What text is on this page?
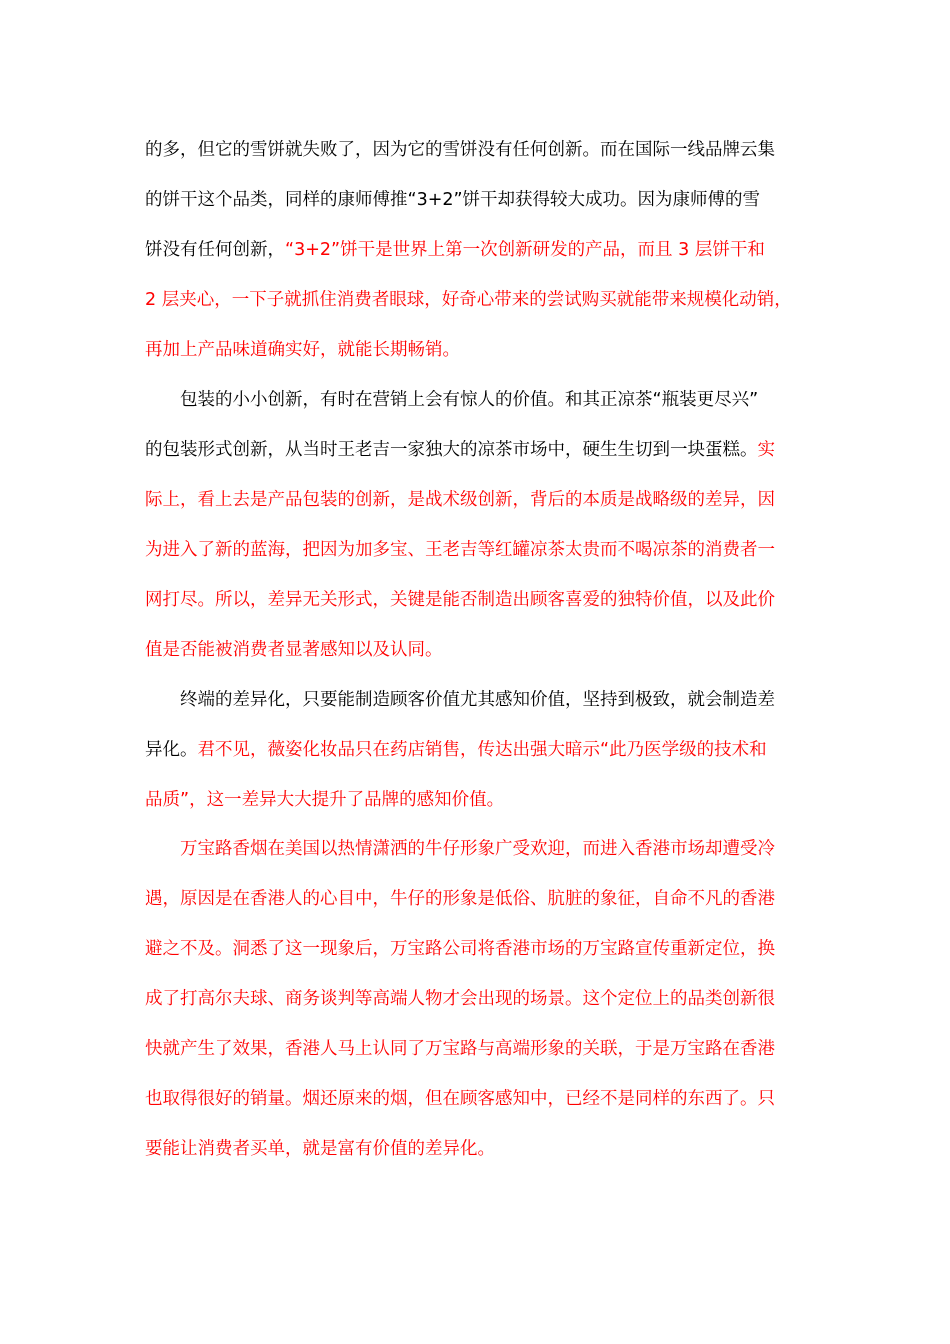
的多，但它的雪饼就失败了，因为它的雪饼没有任何创新。而在国际一线品牌云集
的饼干这个品类，同样的康师傅推“3+2”饼干却获得较大成功。因为康师傅的雪
饼没有任何创新，“3+2”饼干是世界上第一次创新研发的产品，而且 3 层饼干和
2 层夹心，一下子就抓住消费者眼球，好奇心带来的尝试购买就能带来规模化动销，
再加上产品味道确实好，就能长期畅销。
　　包装的小小创新，有时在营销上会有惊人的价值。和其正凉茶“瓶装更尽兴”
的包装形式创新，从当时王老吉一家独大的凉茶市场中，硬生生切到一块蛋糕。实
际上，看上去是产品包装的创新，是战术级创新，背后的本质是战略级的差异，因
为进入了新的蓝海，把因为加多宝、王老吉等红罐凉茶太贵而不喝凉茶的消费者一
网打尽。所以，差异无关形式，关键是能否制造出顾客喜爱的独特价值，以及此价
值是否能被消费者显著感知以及认同。
　　终端的差异化，只要能制造顾客价值尤其感知价值，坚持到极致，就会制造差
异化。君不见，薇姿化妆品只在药店销售，传达出强大暗示“此乃医学级的技术和
品质”，这一差异大大提升了品牌的感知价值。
　　万宝路香烟在美国以热情潇洒的牛仔形象广受欢迎，而进入香港市场却遭受冷
遇，原因是在香港人的心目中，牛仔的形象是低俗、肮脏的象征，自命不凡的香港
避之不及。洞悉了这一现象后，万宝路公司将香港市场的万宝路宣传重新定位，换
成了打高尔夫球、商务谈判等高端人物才会出现的场景。这个定位上的品类创新很
快就产生了效果，香港人马上认同了万宝路与高端形象的关联，于是万宝路在香港
也取得很好的销量。烟还原来的烟，但在顾客感知中，已经不是同样的东西了。只
要能让消费者买单，就是富有价值的差异化。
